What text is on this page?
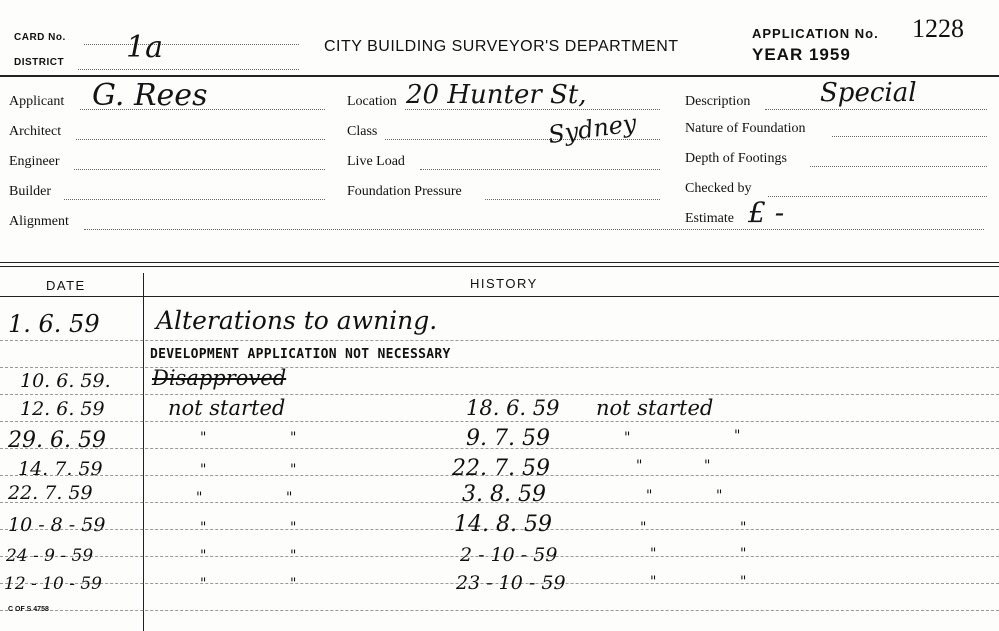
CARD No.
DISTRICT 1a	CITY BUILDING SURVEYOR'S DEPARTMENT
APPLICATION No. 1228
YEAR 1959
Applicant G. Rees
Architect
Engineer
Builder
Alignment
Location 20 Hunter St,
Class	Sydney
Live Load
Foundation Pressure
Description	Special
Nature of Foundation
Depth of Footings
Checked by
Estimate £ -
DATE	HISTORY
1. 6. 59 Alterations to awning.
DEVELOPMENT APPLICATION NOT NECESSARY
10. 6. 59. Disapproved
12. 6. 59	not started	18. 6. 59 not started
29. 6. 59	"	"	9. 7. 59	"	"
14. 7. 59	"	"	22. 7. 59	"	"
22. 7. 59	"	"	3. 8. 59	"	"
10 - 8 - 59	"	"	14. 8. 59	"	"
24 - 9 - 59	"	"	2 - 10 - 59	"	"
12 - 10 - 59	"	"	23 - 10 - 59	"	"
C OF S 4758
